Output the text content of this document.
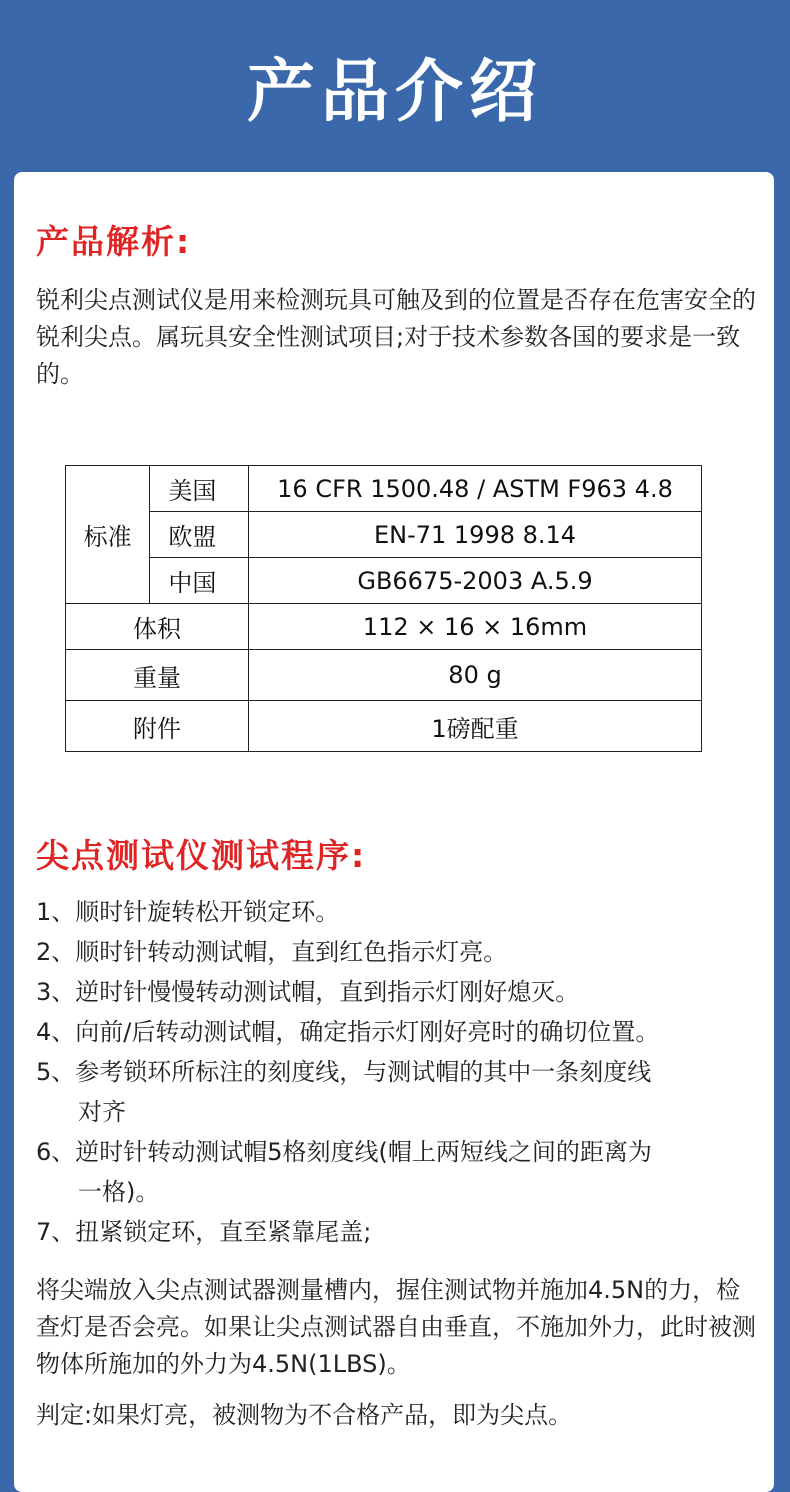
产品介绍
产品解析:

锐利尖点测试仪是用来检测玩具可触及到的位置是否存在危害安全的锐利尖点。属玩具安全性测试项目;对于技术参数各国的要求是一致的。

标准	美国	16 CFR 1500.48 / ASTM F963 4.8
	欧盟	EN-71 1998 8.14
	中国	GB6675-2003 A.5.9
体积		112 × 16 × 16mm
重量		80 g
附件		1磅配重
尖点测试仪测试程序:
1、顺时针旋转松开锁定环。
2、顺时针转动测试帽，直到红色指示灯亮。
3、逆时针慢慢转动测试帽，直到指示灯刚好熄灭。
4、向前/后转动测试帽，确定指示灯刚好亮时的确切位置。
5、参考锁环所标注的刻度线，与测试帽的其中一条刻度线
对齐
6、逆时针转动测试帽5格刻度线(帽上两短线之间的距离为
一格)。
7、扭紧锁定环，直至紧靠尾盖;

将尖端放入尖点测试器测量槽内，握住测试物并施加4.5N的力，检查灯是否会亮。如果让尖点测试器自由垂直，不施加外力，此时被测物体所施加的外力为4.5N(1LBS)。

判定:如果灯亮，被测物为不合格产品，即为尖点。
